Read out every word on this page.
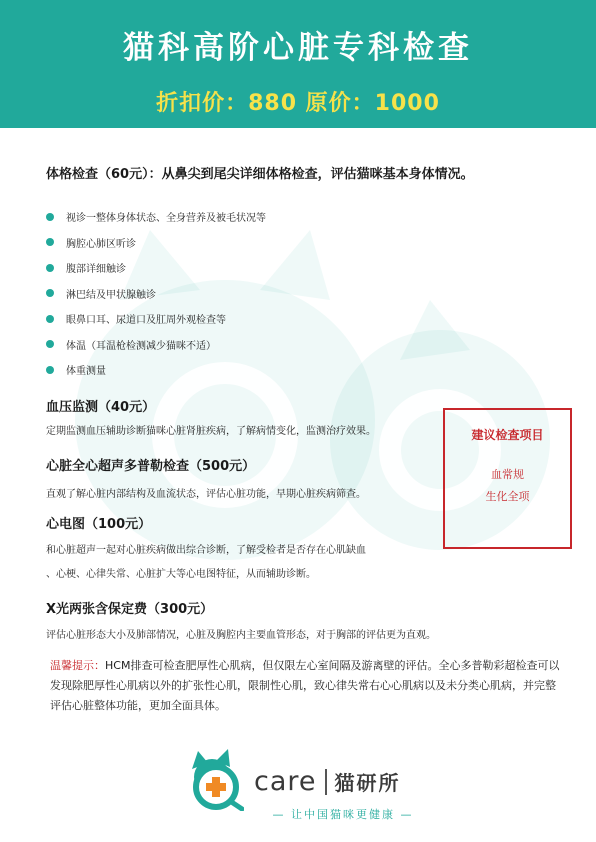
猫科高阶心脏专科检查
折扣价：880 原价：1000
体格检查（60元）：从鼻尖到尾尖详细体格检查，评估猫咪基本身体情况。
视诊一整体身体状态、全身营养及被毛状况等
胸腔心肺区听诊
腹部详细触诊
淋巴结及甲状腺触诊
眼鼻口耳、尿道口及肛周外观检查等
体温（耳温枪检测减少猫咪不适）
体重测量
血压监测（40元）
定期监测血压辅助诊断猫咪心脏肾脏疾病，了解病情变化，监测治疗效果。
心脏全心超声多普勒检查（500元）
直观了解心脏内部结构及血流状态，评估心脏功能，早期心脏疾病筛查。
心电图（100元）
和心脏超声一起对心脏疾病做出综合诊断，了解受检者是否存在心肌缺血
、心梗、心律失常、心脏扩大等心电图特征，从而辅助诊断。
X光两张含保定费（300元）
评估心脏形态大小及肺部情况，心脏及胸腔内主要血管形态，对于胸部的评估更为直观。
建议检查项目
血常规
生化全项
温馨提示：HCM排查可检查肥厚性心肌病，但仅限左心室间隔及游离壁的评估。全心多普勒彩超检查可以发现除肥厚性心肌病以外的扩张性心肌，限制性心肌，致心律失常右心心肌病以及未分类心肌病，并完整评估心脏整体功能，更加全面具体。
care 猫研所
— 让中国猫咪更健康 —
